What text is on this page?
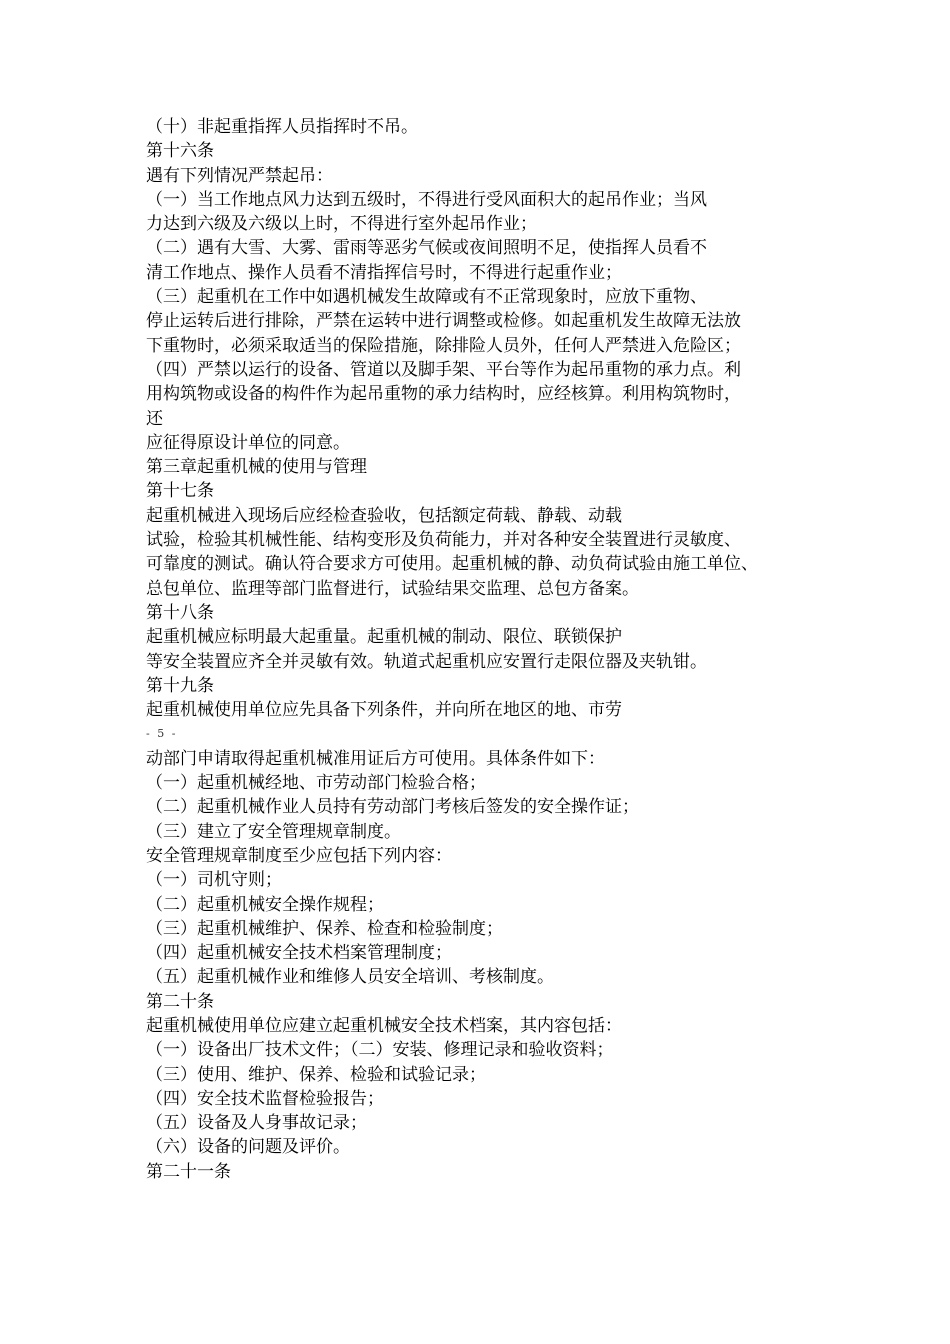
（十）非起重指挥人员指挥时不吊。
第十六条
遇有下列情况严禁起吊：
（一）当工作地点风力达到五级时，不得进行受风面积大的起吊作业；当风
力达到六级及六级以上时，不得进行室外起吊作业；
（二）遇有大雪、大雾、雷雨等恶劣气候或夜间照明不足，使指挥人员看不
清工作地点、操作人员看不清指挥信号时，不得进行起重作业；
（三）起重机在工作中如遇机械发生故障或有不正常现象时，应放下重物、
停止运转后进行排除，严禁在运转中进行调整或检修。如起重机发生故障无法放
下重物时，必须采取适当的保险措施，除排险人员外，任何人严禁进入危险区；
（四）严禁以运行的设备、管道以及脚手架、平台等作为起吊重物的承力点。利
用构筑物或设备的构件作为起吊重物的承力结构时，应经核算。利用构筑物时，
还
应征得原设计单位的同意。
第三章起重机械的使用与管理
第十七条
起重机械进入现场后应经检查验收，包括额定荷载、静载、动载
试验，检验其机械性能、结构变形及负荷能力，并对各种安全装置进行灵敏度、
可靠度的测试。确认符合要求方可使用。起重机械的静、动负荷试验由施工单位、
总包单位、监理等部门监督进行，试验结果交监理、总包方备案。
第十八条
起重机械应标明最大起重量。起重机械的制动、限位、联锁保护
等安全装置应齐全并灵敏有效。轨道式起重机应安置行走限位器及夹轨钳。
第十九条
起重机械使用单位应先具备下列条件，并向所在地区的地、市劳
- 5 -
动部门申请取得起重机械准用证后方可使用。具体条件如下：
（一）起重机械经地、市劳动部门检验合格；
（二）起重机械作业人员持有劳动部门考核后签发的安全操作证；
（三）建立了安全管理规章制度。
安全管理规章制度至少应包括下列内容：
（一）司机守则；
（二）起重机械安全操作规程；
（三）起重机械维护、保养、检查和检验制度；
（四）起重机械安全技术档案管理制度；
（五）起重机械作业和维修人员安全培训、考核制度。
第二十条
起重机械使用单位应建立起重机械安全技术档案，其内容包括：
（一）设备出厂技术文件；（二）安装、修理记录和验收资料；
（三）使用、维护、保养、检验和试验记录；
（四）安全技术监督检验报告；
（五）设备及人身事故记录；
（六）设备的问题及评价。
第二十一条
